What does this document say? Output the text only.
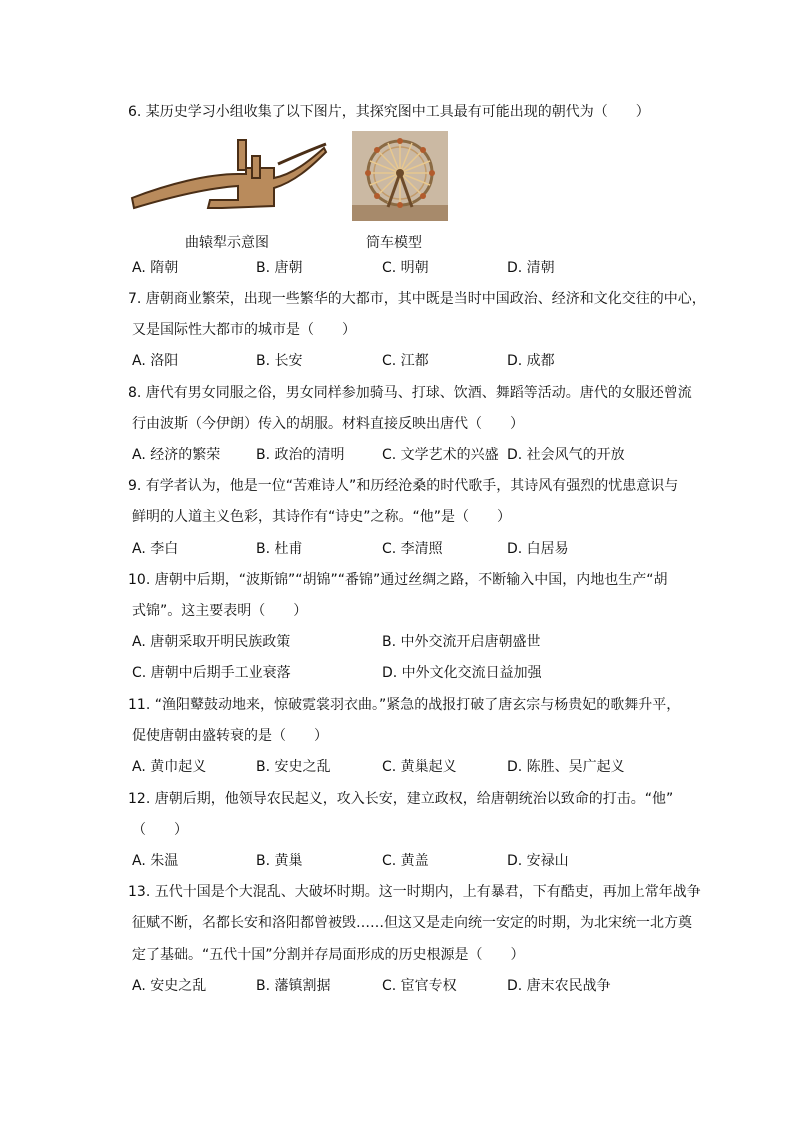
6. 某历史学习小组收集了以下图片，其探究图中工具最有可能出现的朝代为（　　）
曲辕犁示意图	筒车模型
A. 隋朝	B. 唐朝	C. 明朝	D. 清朝
7. 唐朝商业繁荣，出现一些繁华的大都市，其中既是当时中国政治、经济和文化交往的中心，
又是国际性大都市的城市是（　　）
A. 洛阳	B. 长安	C. 江都	D. 成都
8. 唐代有男女同服之俗，男女同样参加骑马、打球、饮酒、舞蹈等活动。唐代的女服还曾流
行由波斯（今伊朗）传入的胡服。材料直接反映出唐代（　　）
A. 经济的繁荣	B. 政治的清明	C. 文学艺术的兴盛 D. 社会风气的开放
9. 有学者认为，他是一位“苦难诗人”和历经沧桑的时代歌手，其诗风有强烈的忧患意识与
鲜明的人道主义色彩，其诗作有“诗史”之称。“他”是（　　）
A. 李白	B. 杜甫	C. 李清照	D. 白居易
10. 唐朝中后期，“波斯锦”“胡锦”“番锦”通过丝绸之路，不断输入中国，内地也生产“胡
式锦”。这主要表明（　　）
A. 唐朝采取开明民族政策	B. 中外交流开启唐朝盛世
C. 唐朝中后期手工业衰落	D. 中外文化交流日益加强
11. “渔阳鼙鼓动地来，惊破霓裳羽衣曲。”紧急的战报打破了唐玄宗与杨贵妃的歌舞升平，
促使唐朝由盛转衰的是（　　）
A. 黄巾起义	B. 安史之乱	C. 黄巢起义	D. 陈胜、吴广起义
12. 唐朝后期，他领导农民起义，攻入长安，建立政权，给唐朝统治以致命的打击。“他”
（　　）
A. 朱温	B. 黄巢	C. 黄盖	D. 安禄山
13. 五代十国是个大混乱、大破坏时期。这一时期内，上有暴君，下有酷吏，再加上常年战争
征赋不断，名都长安和洛阳都曾被毁……但这又是走向统一安定的时期，为北宋统一北方奠
定了基础。“五代十国”分割并存局面形成的历史根源是（　　）
A. 安史之乱	B. 藩镇割据	C. 宦官专权	D. 唐末农民战争
